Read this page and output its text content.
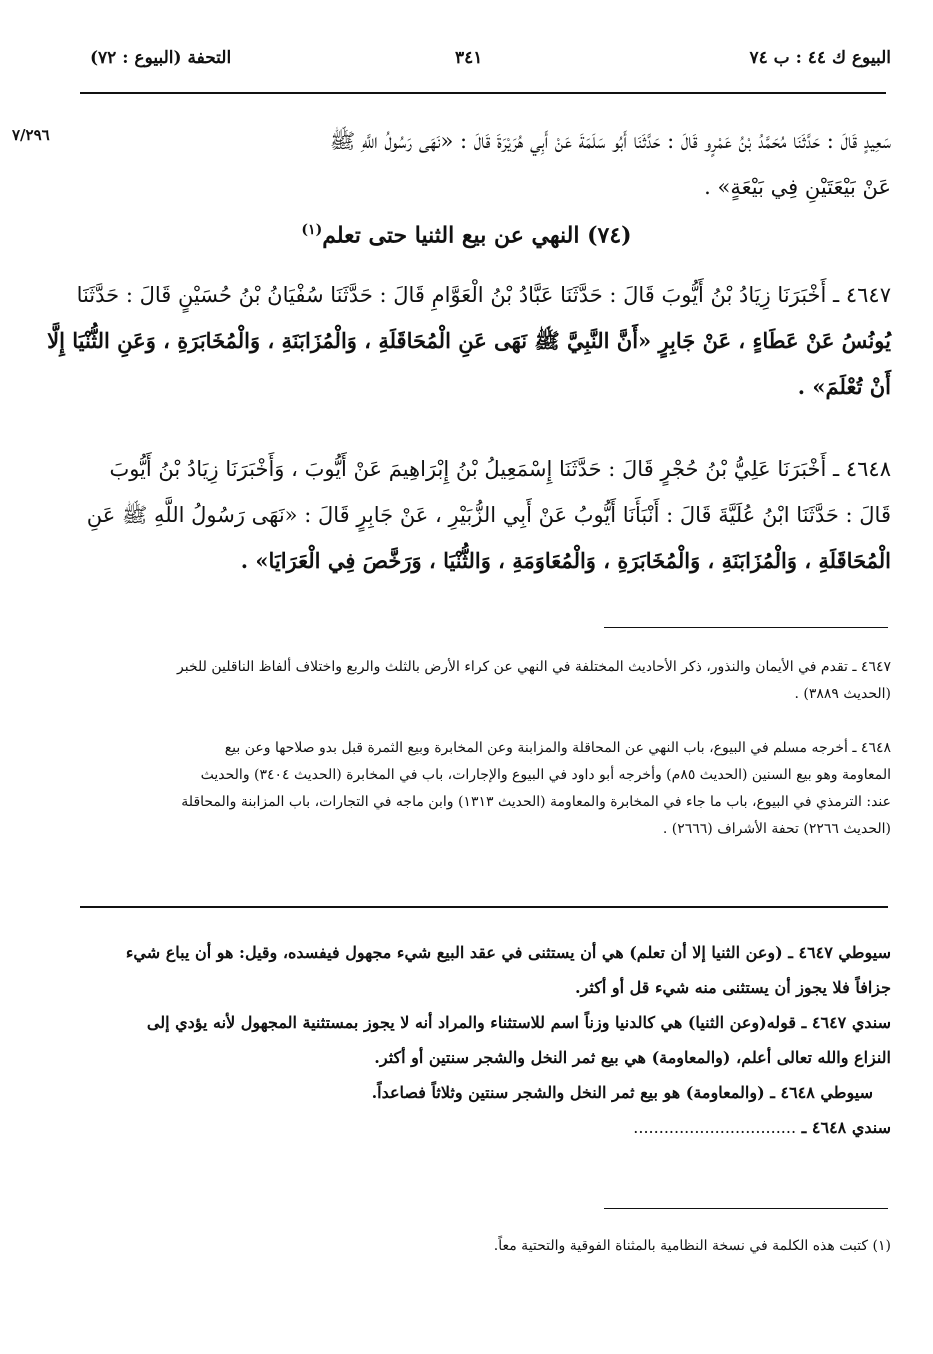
البيوع ك ٤٤ : ب ٧٤
٣٤١
التحفة (البيوع : ٧٢)
٧/٢٩٦	سَعِيدٍ قَالَ : حَدَّثَنَا مُحَمَّدُ بْنُ عَمْرٍو قَالَ : حَدَّثَنَا أَبُو سَلَمَةَ عَنْ أَبِي هُرَيْرَةَ قَالَ : «نَهَى رَسُولُ اللَّهِ ﷺ
عَنْ بَيْعَتَيْنِ فِي بَيْعَةٍ» .
(٧٤) النهي عن بيع الثنيا حتى تعلم$^{(١)}$
٤٦٤٧ ـ أَخْبَرَنَا زِيَادُ بْنُ أَيُّوبَ قَالَ : حَدَّثَنَا عَبَّادُ بْنُ الْعَوَّامِ قَالَ : حَدَّثَنَا سُفْيَانُ بْنُ حُسَيْنٍ قَالَ : حَدَّثَنَا
يُونُسُ عَنْ عَطَاءٍ ، عَنْ جَابِرٍ «أَنَّ النَّبِيَّ ﷺ نَهَى عَنِ الْمُحَاقَلَةِ ، وَالْمُزَابَنَةِ ، وَالْمُخَابَرَةِ ، وَعَنِ الثُّنْيَا إِلَّا
أَنْ تُعْلَمَ» .
٤٦٤٨ ـ أَخْبَرَنَا عَلِيُّ بْنُ حُجْرٍ قَالَ : حَدَّثَنَا إِسْمَعِيلُ بْنُ إِبْرَاهِيمَ عَنْ أَيُّوبَ ، وَأَخْبَرَنَا زِيَادُ بْنُ أَيُّوبَ
قَالَ : حَدَّثَنَا ابْنُ عُلَيَّةَ قَالَ : أَنْبَأَنَا أَيُّوبُ عَنْ أَبِي الزُّبَيْرِ ، عَنْ جَابِرٍ قَالَ : «نَهَى رَسُولُ اللَّهِ ﷺ عَنِ
الْمُحَاقَلَةِ ، وَالْمُزَابَنَةِ ، وَالْمُخَابَرَةِ ، وَالْمُعَاوَمَةِ ، وَالثُّنْيَا ، وَرَخَّصَ فِي الْعَرَايَا» .
٤٦٤٧ ـ تقدم في الأيمان والنذور، ذكر الأحاديث المختلفة في النهي عن كراء الأرض بالثلث والربع واختلاف ألفاظ الناقلين للخبر
(الحديث ٣٨٨٩) .
٤٦٤٨ ـ أخرجه مسلم في البيوع، باب النهي عن المحاقلة والمزابنة وعن المخابرة وبيع الثمرة قبل بدو صلاحها وعن بيع
المعاومة وهو بيع السنين (الحديث ٨٥م) وأخرجه أبو داود في البيوع والإجارات، باب في المخابرة (الحديث ٣٤٠٤) والحديث
عند: الترمذي في البيوع، باب ما جاء في المخابرة والمعاومة (الحديث ١٣١٣) وابن ماجه في التجارات، باب المزابنة والمحاقلة
(الحديث ٢٢٦٦) تحفة الأشراف (٢٦٦٦) .
سيوطي ٤٦٤٧ ـ (وعن الثنيا إلا أن تعلم) هي أن يستثنى في عقد البيع شيء مجهول فيفسده، وقيل: هو أن يباع شيء
جزافاً فلا يجوز أن يستثنى منه شيء قل أو أكثر.
سندي ٤٦٤٧ ـ قوله(وعن الثنيا) هي كالدنيا وزناً اسم للاستثناء والمراد أنه لا يجوز بمستثنية المجهول لأنه يؤدي إلى
النزاع والله تعالى أعلم، (والمعاومة) هي بيع ثمر النخل والشجر سنتين أو أكثر.
سيوطي ٤٦٤٨ ـ (والمعاومة) هو بيع ثمر النخل والشجر سنتين وثلاثاً فصاعداً.
سندي ٤٦٤٨ ـ ................................
(١) كتبت هذه الكلمة في نسخة النظامية بالمثناة الفوقية والتحتية معاً.
